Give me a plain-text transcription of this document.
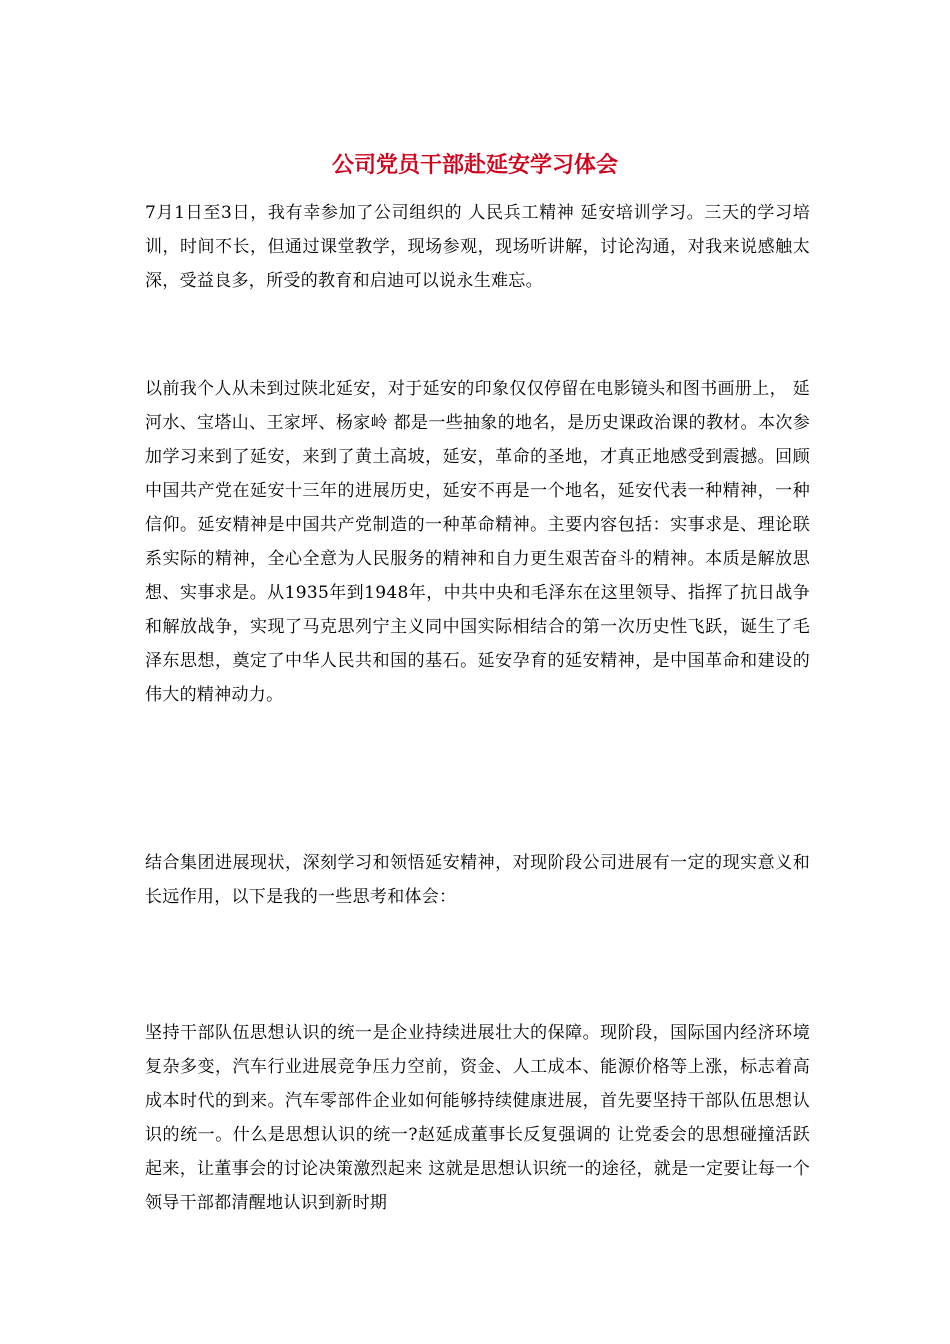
公司党员干部赴延安学习体会

7月1日至3日，我有幸参加了公司组织的 人民兵工精神 延安培训学习。三天的学习培训，时间不长，但通过课堂教学，现场参观，现场听讲解，讨论沟通，对我来说感触太深，受益良多，所受的教育和启迪可以说永生难忘。

以前我个人从未到过陕北延安，对于延安的印象仅仅停留在电影镜头和图书画册上， 延河水、宝塔山、王家坪、杨家岭 都是一些抽象的地名，是历史课政治课的教材。本次参加学习来到了延安，来到了黄土高坡，延安，革命的圣地，才真正地感受到震撼。回顾中国共产党在延安十三年的进展历史，延安不再是一个地名，延安代表一种精神，一种信仰。延安精神是中国共产党制造的一种革命精神。主要内容包括：实事求是、理论联系实际的精神，全心全意为人民服务的精神和自力更生艰苦奋斗的精神。本质是解放思想、实事求是。从1935年到1948年，中共中央和毛泽东在这里领导、指挥了抗日战争和解放战争，实现了马克思列宁主义同中国实际相结合的第一次历史性飞跃，诞生了毛泽东思想，奠定了中华人民共和国的基石。延安孕育的延安精神，是中国革命和建设的伟大的精神动力。

结合集团进展现状，深刻学习和领悟延安精神，对现阶段公司进展有一定的现实意义和长远作用，以下是我的一些思考和体会：

坚持干部队伍思想认识的统一是企业持续进展壮大的保障。现阶段，国际国内经济环境复杂多变，汽车行业进展竞争压力空前，资金、人工成本、能源价格等上涨，标志着高成本时代的到来。汽车零部件企业如何能够持续健康进展，首先要坚持干部队伍思想认识的统一。什么是思想认识的统一?赵延成董事长反复强调的 让党委会的思想碰撞活跃起来，让董事会的讨论决策激烈起来 这就是思想认识统一的途径，就是一定要让每一个领导干部都清醒地认识到新时期
